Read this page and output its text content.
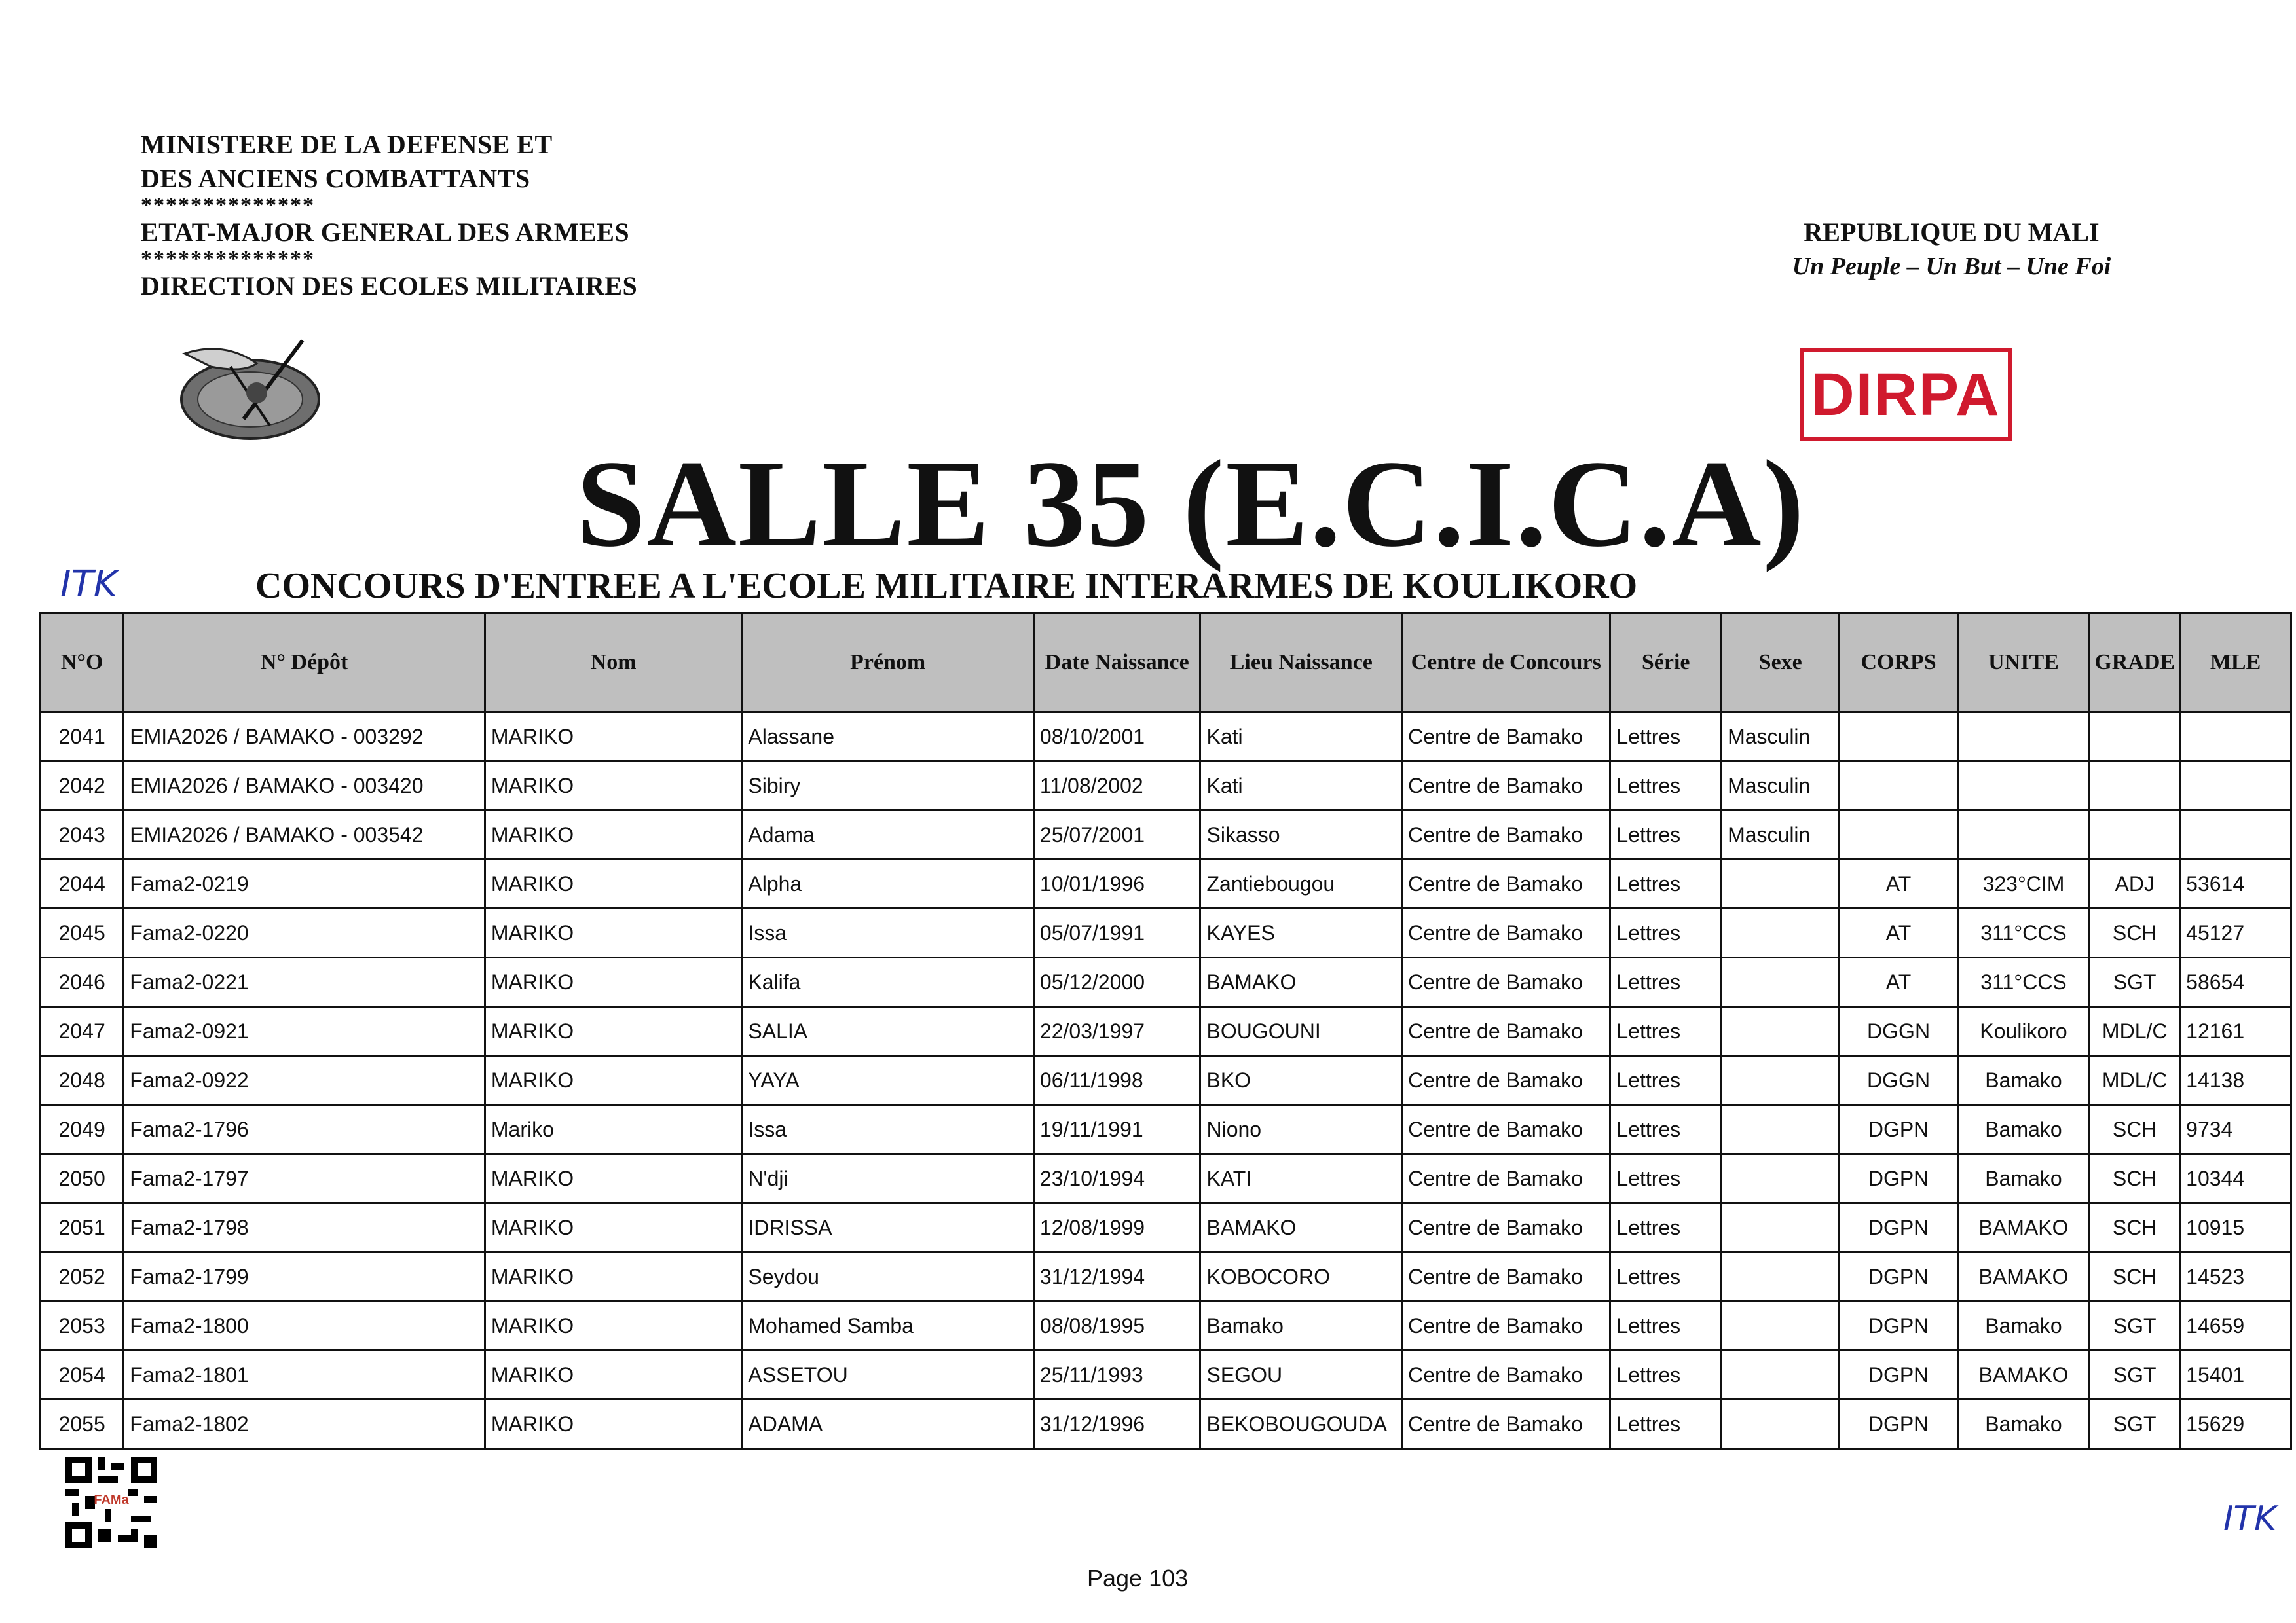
MINISTERE DE LA DEFENSE ET
DES ANCIENS COMBATTANTS
**************
ETAT-MAJOR GENERAL DES ARMEES
**************
DIRECTION DES ECOLES MILITAIRES
REPUBLIQUE DU MALI
Un Peuple – Un But – Une Foi
DIRPA
SALLE 35 (E.C.I.C.A)
CONCOURS D'ENTREE A L'ECOLE MILITAIRE INTERARMES DE KOULIKORO
ITK
N°O	N° Dépôt	Nom	Prénom	Date Naissance	Lieu Naissance	Centre de Concours	Série	Sexe	CORPS	UNITE	GRADE	MLE
2041	EMIA2026 / BAMAKO - 003292	MARIKO	Alassane	08/10/2001	Kati	Centre de Bamako	Lettres	Masculin				
2042	EMIA2026 / BAMAKO - 003420	MARIKO	Sibiry	11/08/2002	Kati	Centre de Bamako	Lettres	Masculin				
2043	EMIA2026 / BAMAKO - 003542	MARIKO	Adama	25/07/2001	Sikasso	Centre de Bamako	Lettres	Masculin				
2044	Fama2-0219	MARIKO	Alpha	10/01/1996	Zantiebougou	Centre de Bamako	Lettres		AT	323°CIM	ADJ	53614
2045	Fama2-0220	MARIKO	Issa	05/07/1991	KAYES	Centre de Bamako	Lettres		AT	311°CCS	SCH	45127
2046	Fama2-0221	MARIKO	Kalifa	05/12/2000	BAMAKO	Centre de Bamako	Lettres		AT	311°CCS	SGT	58654
2047	Fama2-0921	MARIKO	SALIA	22/03/1997	BOUGOUNI	Centre de Bamako	Lettres		DGGN	Koulikoro	MDL/C	12161
2048	Fama2-0922	MARIKO	YAYA	06/11/1998	BKO	Centre de Bamako	Lettres		DGGN	Bamako	MDL/C	14138
2049	Fama2-1796	Mariko	Issa	19/11/1991	Niono	Centre de Bamako	Lettres		DGPN	Bamako	SCH	9734
2050	Fama2-1797	MARIKO	N'dji	23/10/1994	KATI	Centre de Bamako	Lettres		DGPN	Bamako	SCH	10344
2051	Fama2-1798	MARIKO	IDRISSA	12/08/1999	BAMAKO	Centre de Bamako	Lettres		DGPN	BAMAKO	SCH	10915
2052	Fama2-1799	MARIKO	Seydou	31/12/1994	KOBOCORO	Centre de Bamako	Lettres		DGPN	BAMAKO	SCH	14523
2053	Fama2-1800	MARIKO	Mohamed Samba	08/08/1995	Bamako	Centre de Bamako	Lettres		DGPN	Bamako	SGT	14659
2054	Fama2-1801	MARIKO	ASSETOU	25/11/1993	SEGOU	Centre de Bamako	Lettres		DGPN	BAMAKO	SGT	15401
2055	Fama2-1802	MARIKO	ADAMA	31/12/1996	BEKOBOUGOUDA	Centre de Bamako	Lettres		DGPN	Bamako	SGT	15629
FAMa
Page 103
ITK
